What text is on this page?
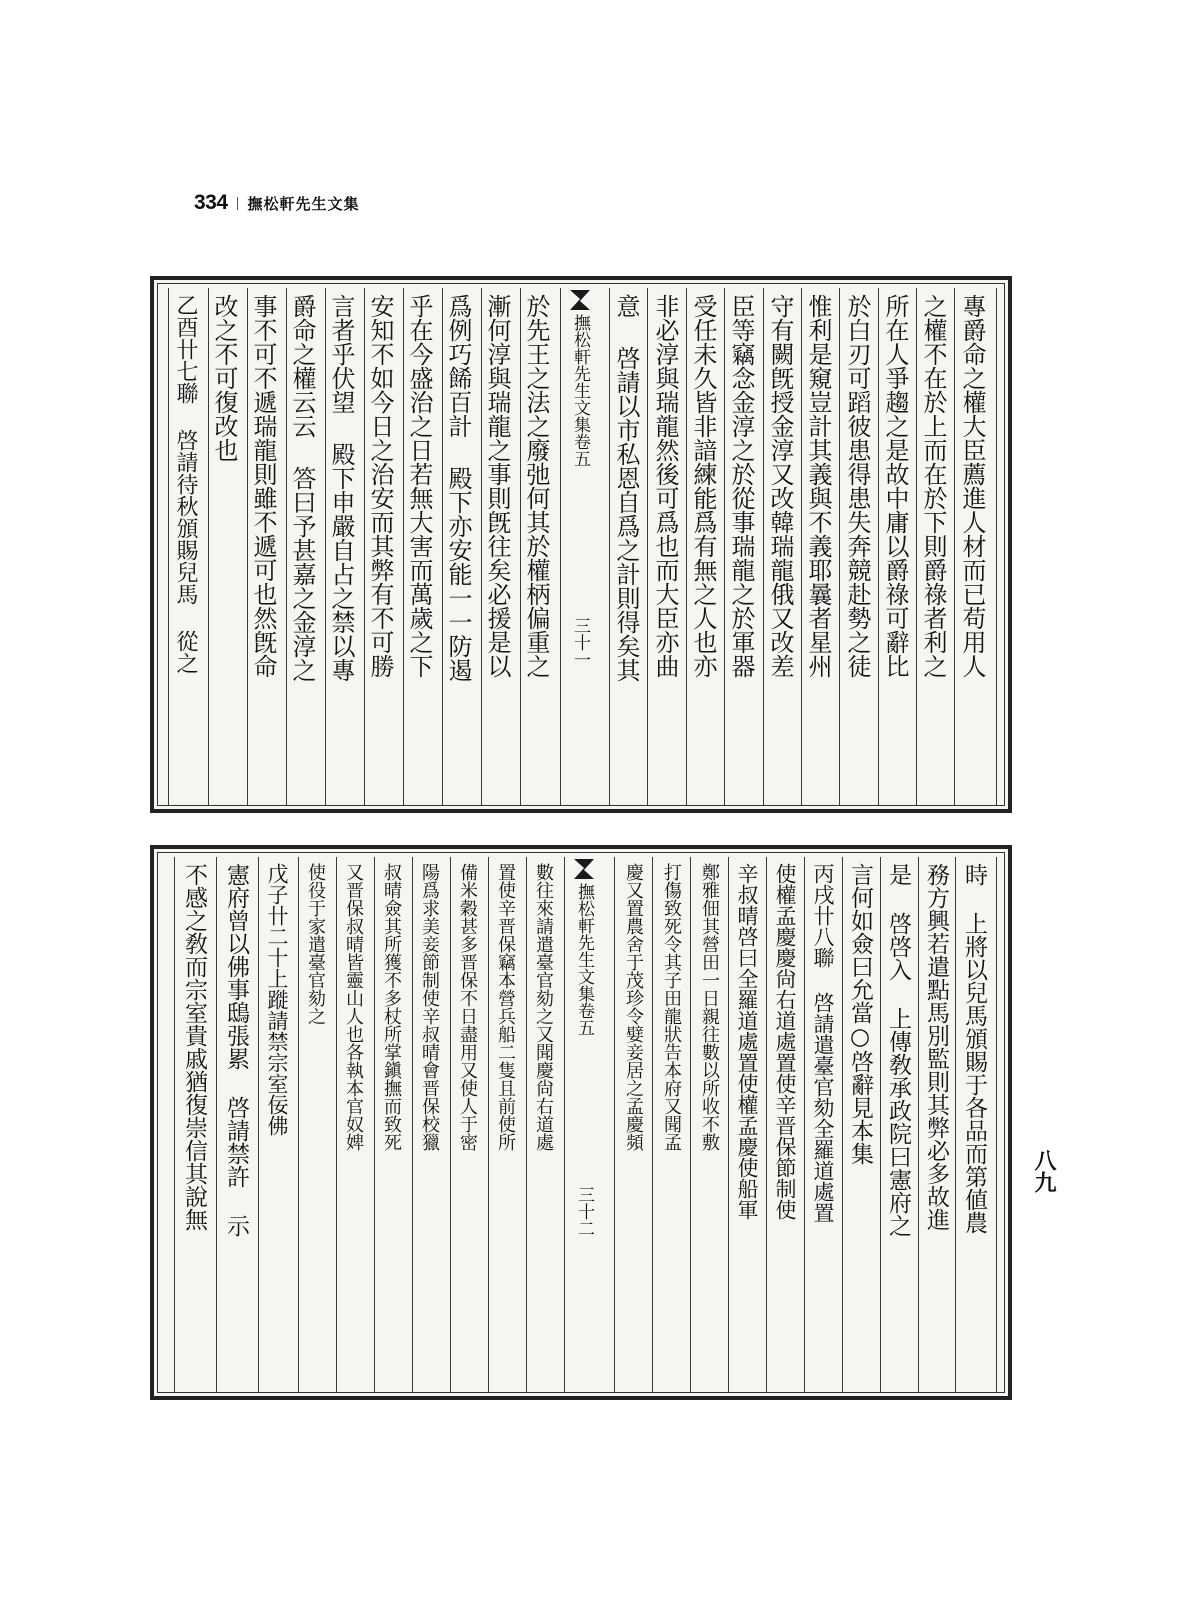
334 撫松軒先生文集
專爵命之權大臣薦進人材而已苟用人
之權不在於上而在於下則爵祿者利之
所在人爭趨之是故中庸以爵祿可辭比
於白刃可蹈彼患得患失奔競赴勢之徒
惟利是窺豈計其義與不義耶曩者星州
守有闕旣授金淳又改韓瑞龍俄又改差
臣等竊念金淳之於從事瑞龍之於軍器
受任未久皆非諳練能爲有無之人也亦
非必淳與瑞龍然後可爲也而大臣亦曲
意 啓請以市私恩自爲之計則得矣其
撫松軒先生文集卷五三十一
於先王之法之廢弛何其於權柄偏重之
漸何淳與瑞龍之事則旣往矣必援是以
爲例巧餙百計 殿下亦安能一一防遏
乎在今盛治之日若無大害而萬歲之下
安知不如今日之治安而其弊有不可勝
言者乎伏望 殿下申嚴自占之禁以專
爵命之權云云 答曰予甚嘉之金淳之
事不可不遞瑞龍則雖不遞可也然旣命
改之不可復改也
乙酉卄七聯 啓請待秋頒賜兒馬 從之
時 上將以兒馬頒賜于各品而第値農
務方興若遣點馬別監則其弊必多故進
是 啓啓入 上傳敎承政院曰憲府之
言何如僉曰允當○啓辭見本集
丙戌卄八聯 啓請遣臺官劾全羅道處置
使權孟慶慶尙右道處置使辛晋保節制使
辛叔晴啓曰全羅道處置使權孟慶使船軍
鄭雅佃其營田一日親往數以所收不敷
打傷致死令其子田龍狀告本府又聞孟
慶又置農舍于茂珍令嬖妾居之孟慶頻
撫松軒先生文集卷五三十二
數往來請遣臺官劾之又聞慶尙右道處
置使辛晋保竊本營兵船二隻且前使所
備米穀甚多晋保不日盡用又使人于密
陽爲求美妾節制使辛叔晴會晋保校獵
叔晴僉其所獲不多杖所掌鎭撫而致死
又晋保叔晴皆靈山人也各執本官奴婢
使役于家遣臺官劾之
戊子卄二十上蹝請禁宗室佞佛
憲府曾以佛事鴟張累 啓請禁許 示
不感之敎而宗室貴戚猶復崇信其說無	八九
